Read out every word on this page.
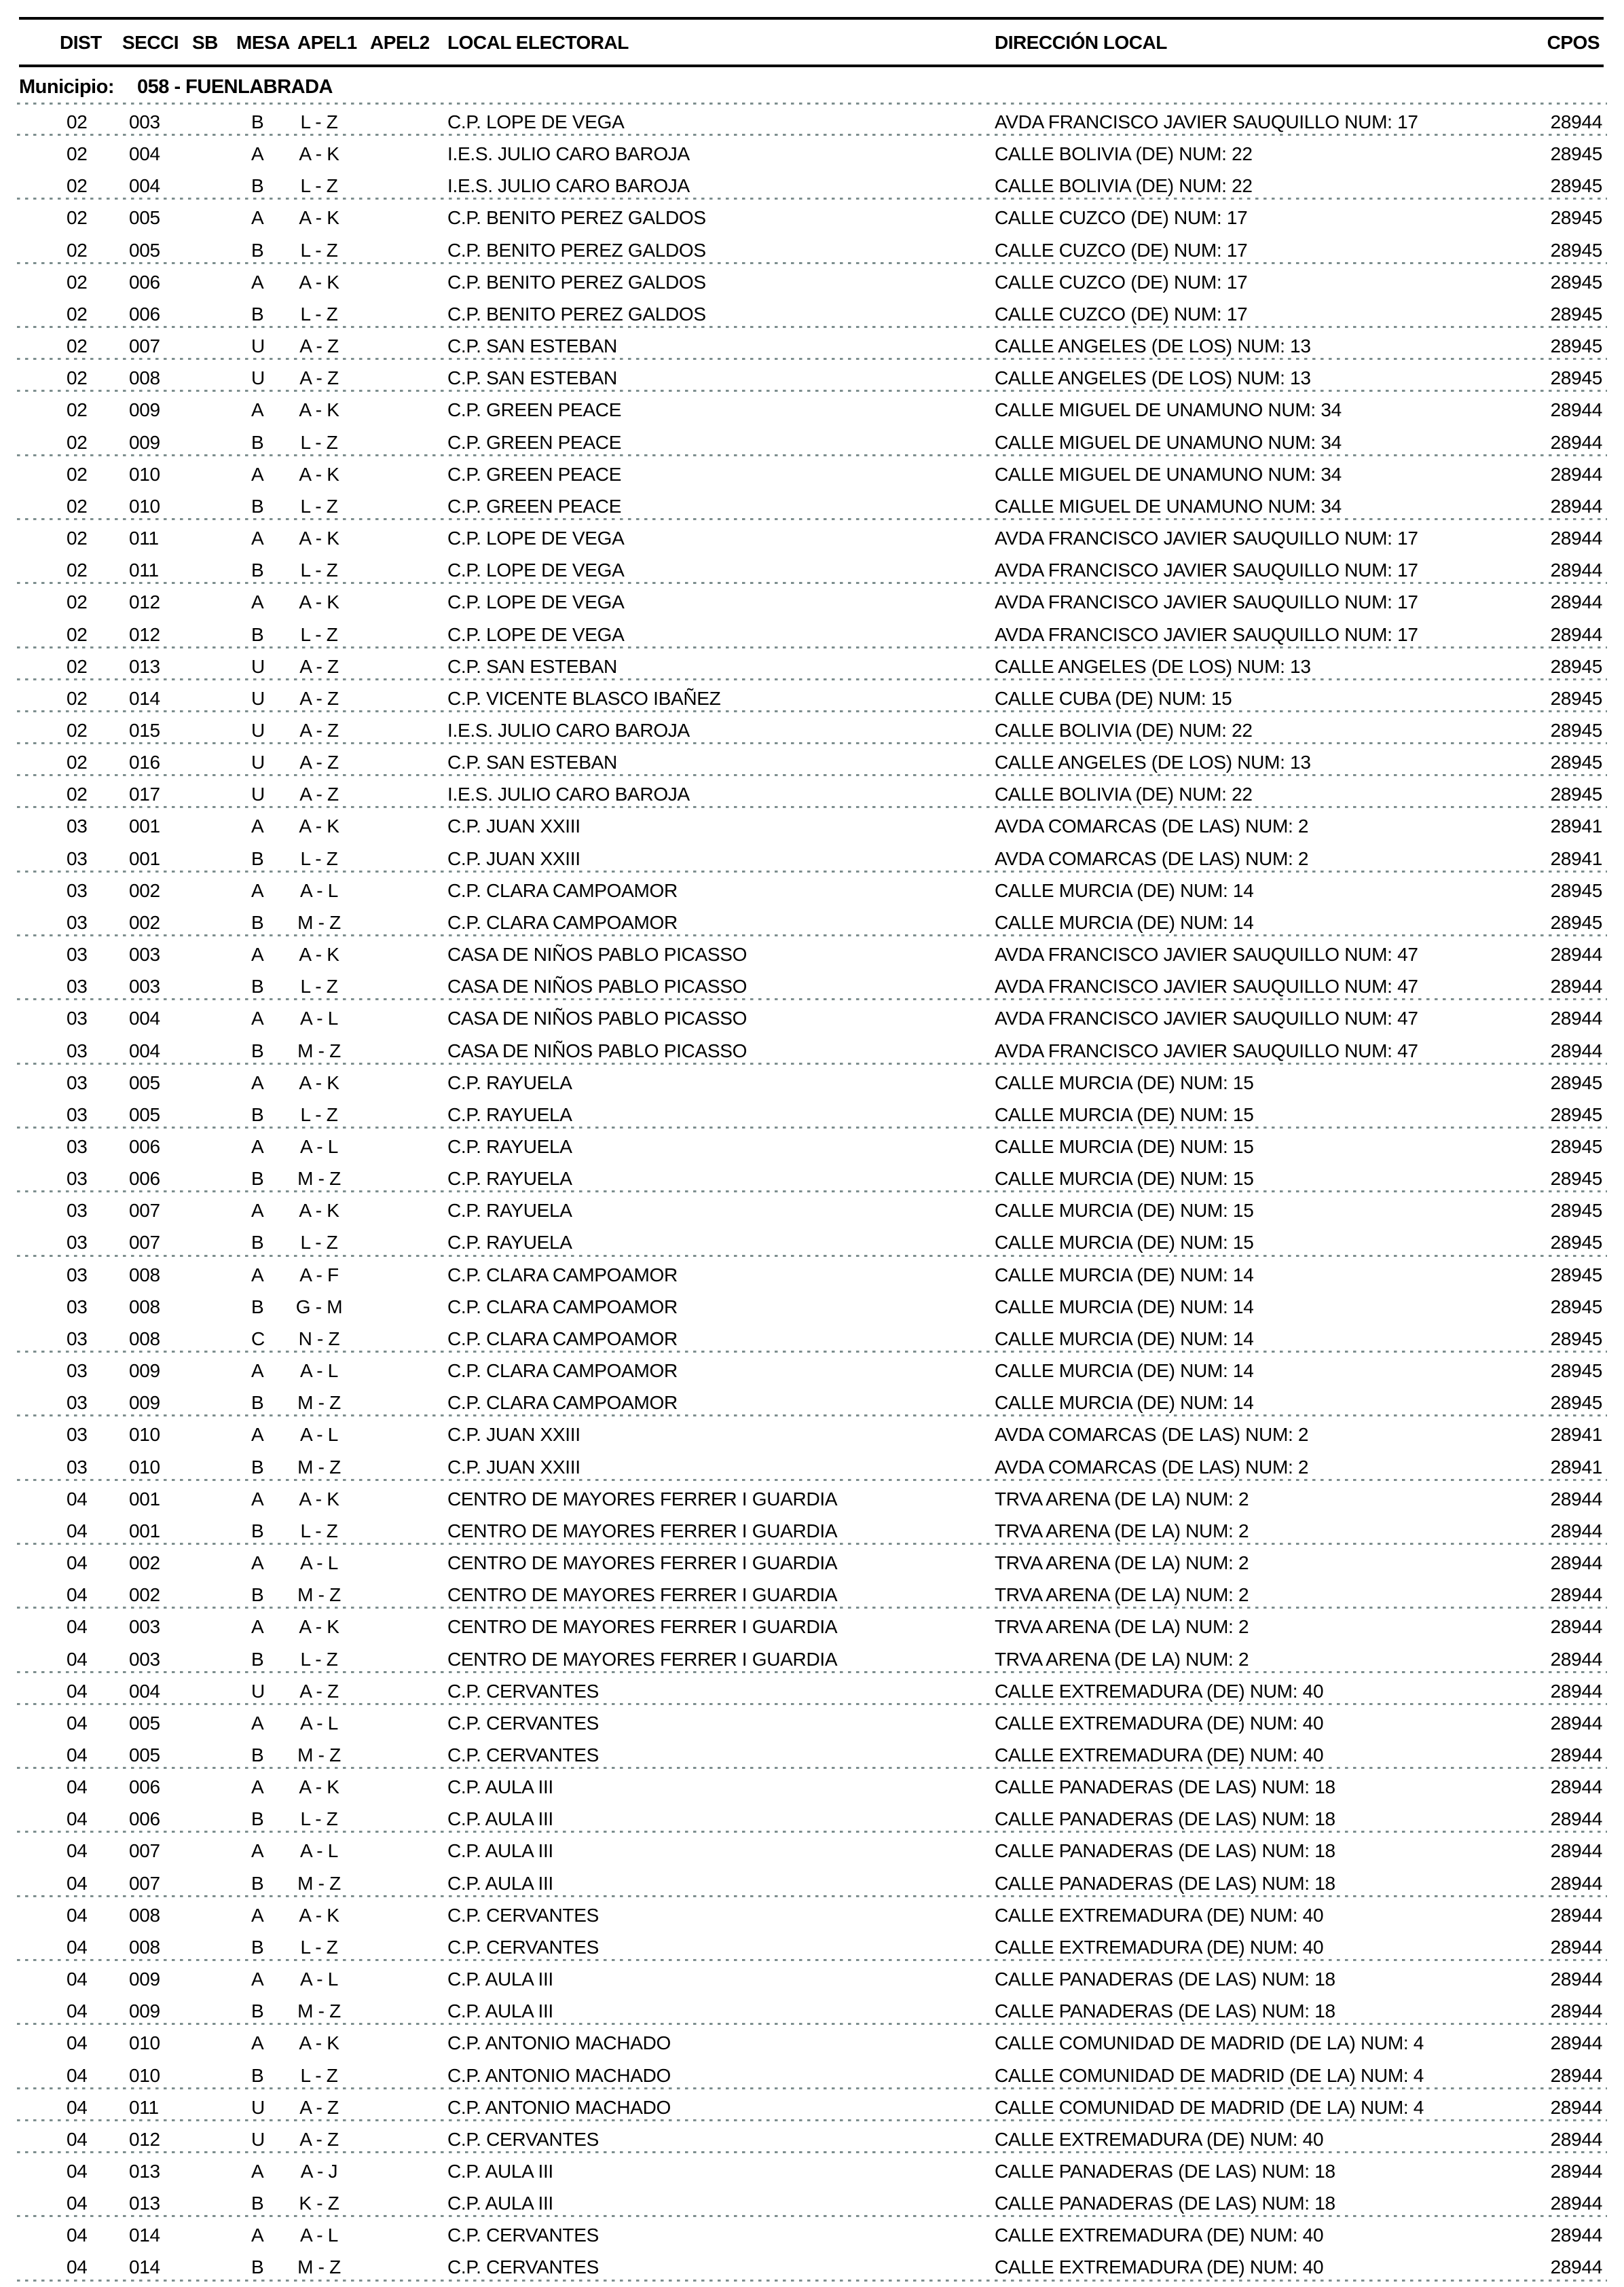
DIST SECCI SB MESA APEL1 APEL2 LOCAL ELECTORAL	DIRECCIÓN LOCAL	CPOS
Municipio: 058 - FUENLABRADA
02 003	B	L - Z	C.P. LOPE DE VEGA	AVDA FRANCISCO JAVIER SAUQUILLO NUM: 17	28944
02 004	A	A - K	I.E.S. JULIO CARO BAROJA	CALLE BOLIVIA (DE) NUM: 22	28945
02 004	B	L - Z	I.E.S. JULIO CARO BAROJA	CALLE BOLIVIA (DE) NUM: 22	28945
02 005	A	A - K	C.P. BENITO PEREZ GALDOS	CALLE CUZCO (DE) NUM: 17	28945
02 005	B	L - Z	C.P. BENITO PEREZ GALDOS	CALLE CUZCO (DE) NUM: 17	28945
02 006	A	A - K	C.P. BENITO PEREZ GALDOS	CALLE CUZCO (DE) NUM: 17	28945
02 006	B	L - Z	C.P. BENITO PEREZ GALDOS	CALLE CUZCO (DE) NUM: 17	28945
02 007	U	A - Z	C.P. SAN ESTEBAN	CALLE ANGELES (DE LOS) NUM: 13	28945
02 008	U	A - Z	C.P. SAN ESTEBAN	CALLE ANGELES (DE LOS) NUM: 13	28945
02 009	A	A - K	C.P. GREEN PEACE	CALLE MIGUEL DE UNAMUNO NUM: 34	28944
02 009	B	L - Z	C.P. GREEN PEACE	CALLE MIGUEL DE UNAMUNO NUM: 34	28944
02 010	A	A - K	C.P. GREEN PEACE	CALLE MIGUEL DE UNAMUNO NUM: 34	28944
02 010	B	L - Z	C.P. GREEN PEACE	CALLE MIGUEL DE UNAMUNO NUM: 34	28944
02 011	A	A - K	C.P. LOPE DE VEGA	AVDA FRANCISCO JAVIER SAUQUILLO NUM: 17	28944
02 011	B	L - Z	C.P. LOPE DE VEGA	AVDA FRANCISCO JAVIER SAUQUILLO NUM: 17	28944
02 012	A	A - K	C.P. LOPE DE VEGA	AVDA FRANCISCO JAVIER SAUQUILLO NUM: 17	28944
02 012	B	L - Z	C.P. LOPE DE VEGA	AVDA FRANCISCO JAVIER SAUQUILLO NUM: 17	28944
02 013	U	A - Z	C.P. SAN ESTEBAN	CALLE ANGELES (DE LOS) NUM: 13	28945
02 014	U	A - Z	C.P. VICENTE BLASCO IBAÑEZ	CALLE CUBA (DE) NUM: 15	28945
02 015	U	A - Z	I.E.S. JULIO CARO BAROJA	CALLE BOLIVIA (DE) NUM: 22	28945
02 016	U	A - Z	C.P. SAN ESTEBAN	CALLE ANGELES (DE LOS) NUM: 13	28945
02 017	U	A - Z	I.E.S. JULIO CARO BAROJA	CALLE BOLIVIA (DE) NUM: 22	28945
03 001	A	A - K	C.P. JUAN XXIII	AVDA COMARCAS (DE LAS) NUM: 2	28941
03 001	B	L - Z	C.P. JUAN XXIII	AVDA COMARCAS (DE LAS) NUM: 2	28941
03 002	A	A - L	C.P. CLARA CAMPOAMOR	CALLE MURCIA (DE) NUM: 14	28945
03 002	B	M - Z	C.P. CLARA CAMPOAMOR	CALLE MURCIA (DE) NUM: 14	28945
03 003	A	A - K	CASA DE NIÑOS PABLO PICASSO	AVDA FRANCISCO JAVIER SAUQUILLO NUM: 47	28944
03 003	B	L - Z	CASA DE NIÑOS PABLO PICASSO	AVDA FRANCISCO JAVIER SAUQUILLO NUM: 47	28944
03 004	A	A - L	CASA DE NIÑOS PABLO PICASSO	AVDA FRANCISCO JAVIER SAUQUILLO NUM: 47	28944
03 004	B	M - Z	CASA DE NIÑOS PABLO PICASSO	AVDA FRANCISCO JAVIER SAUQUILLO NUM: 47	28944
03 005	A	A - K	C.P. RAYUELA	CALLE MURCIA (DE) NUM: 15	28945
03 005	B	L - Z	C.P. RAYUELA	CALLE MURCIA (DE) NUM: 15	28945
03 006	A	A - L	C.P. RAYUELA	CALLE MURCIA (DE) NUM: 15	28945
03 006	B	M - Z	C.P. RAYUELA	CALLE MURCIA (DE) NUM: 15	28945
03 007	A	A - K	C.P. RAYUELA	CALLE MURCIA (DE) NUM: 15	28945
03 007	B	L - Z	C.P. RAYUELA	CALLE MURCIA (DE) NUM: 15	28945
03 008	A	A - F	C.P. CLARA CAMPOAMOR	CALLE MURCIA (DE) NUM: 14	28945
03 008	B	G - M	C.P. CLARA CAMPOAMOR	CALLE MURCIA (DE) NUM: 14	28945
03 008	C	N - Z	C.P. CLARA CAMPOAMOR	CALLE MURCIA (DE) NUM: 14	28945
03 009	A	A - L	C.P. CLARA CAMPOAMOR	CALLE MURCIA (DE) NUM: 14	28945
03 009	B	M - Z	C.P. CLARA CAMPOAMOR	CALLE MURCIA (DE) NUM: 14	28945
03 010	A	A - L	C.P. JUAN XXIII	AVDA COMARCAS (DE LAS) NUM: 2	28941
03 010	B	M - Z	C.P. JUAN XXIII	AVDA COMARCAS (DE LAS) NUM: 2	28941
04 001	A	A - K	CENTRO DE MAYORES FERRER I GUARDIA	TRVA ARENA (DE LA) NUM: 2	28944
04 001	B	L - Z	CENTRO DE MAYORES FERRER I GUARDIA	TRVA ARENA (DE LA) NUM: 2	28944
04 002	A	A - L	CENTRO DE MAYORES FERRER I GUARDIA	TRVA ARENA (DE LA) NUM: 2	28944
04 002	B	M - Z	CENTRO DE MAYORES FERRER I GUARDIA	TRVA ARENA (DE LA) NUM: 2	28944
04 003	A	A - K	CENTRO DE MAYORES FERRER I GUARDIA	TRVA ARENA (DE LA) NUM: 2	28944
04 003	B	L - Z	CENTRO DE MAYORES FERRER I GUARDIA	TRVA ARENA (DE LA) NUM: 2	28944
04 004	U	A - Z	C.P. CERVANTES	CALLE EXTREMADURA (DE) NUM: 40	28944
04 005	A	A - L	C.P. CERVANTES	CALLE EXTREMADURA (DE) NUM: 40	28944
04 005	B	M - Z	C.P. CERVANTES	CALLE EXTREMADURA (DE) NUM: 40	28944
04 006	A	A - K	C.P. AULA III	CALLE PANADERAS (DE LAS) NUM: 18	28944
04 006	B	L - Z	C.P. AULA III	CALLE PANADERAS (DE LAS) NUM: 18	28944
04 007	A	A - L	C.P. AULA III	CALLE PANADERAS (DE LAS) NUM: 18	28944
04 007	B	M - Z	C.P. AULA III	CALLE PANADERAS (DE LAS) NUM: 18	28944
04 008	A	A - K	C.P. CERVANTES	CALLE EXTREMADURA (DE) NUM: 40	28944
04 008	B	L - Z	C.P. CERVANTES	CALLE EXTREMADURA (DE) NUM: 40	28944
04 009	A	A - L	C.P. AULA III	CALLE PANADERAS (DE LAS) NUM: 18	28944
04 009	B	M - Z	C.P. AULA III	CALLE PANADERAS (DE LAS) NUM: 18	28944
04 010	A	A - K	C.P. ANTONIO MACHADO	CALLE COMUNIDAD DE MADRID (DE LA) NUM: 4	28944
04 010	B	L - Z	C.P. ANTONIO MACHADO	CALLE COMUNIDAD DE MADRID (DE LA) NUM: 4	28944
04 011	U	A - Z	C.P. ANTONIO MACHADO	CALLE COMUNIDAD DE MADRID (DE LA) NUM: 4	28944
04 012	U	A - Z	C.P. CERVANTES	CALLE EXTREMADURA (DE) NUM: 40	28944
04 013	A	A - J	C.P. AULA III	CALLE PANADERAS (DE LAS) NUM: 18	28944
04 013	B	K - Z	C.P. AULA III	CALLE PANADERAS (DE LAS) NUM: 18	28944
04 014	A	A - L	C.P. CERVANTES	CALLE EXTREMADURA (DE) NUM: 40	28944
04 014	B	M - Z	C.P. CERVANTES	CALLE EXTREMADURA (DE) NUM: 40	28944
